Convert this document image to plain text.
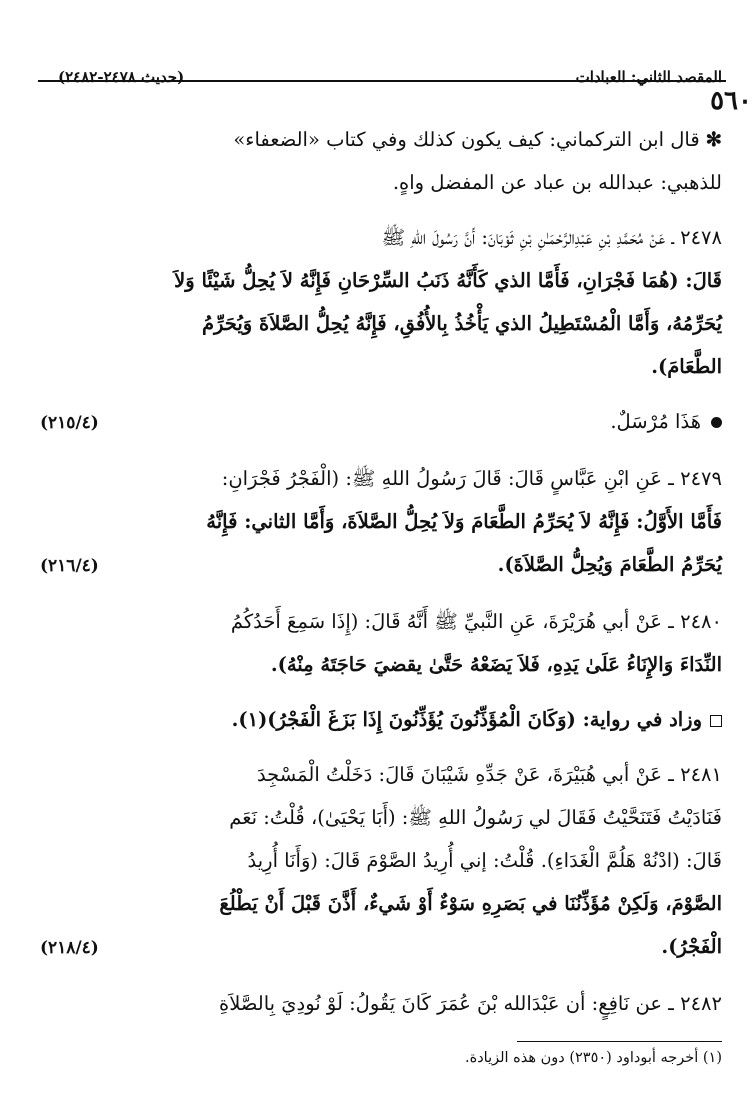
المقصد الثاني: العبادات
(حديث ٢٤٧٨-٢٤٨٢)
٥٦٠

✻قال ابن التركماني: كيف يكون كذلك وفي كتاب «الضعفاء»
للذهبي: عبدالله بن عباد عن المفضل واهٍ.

٢٤٧٨ ـ عَنْ مُحَمَّدِ بْنِ عَبْدِالرَّحْمَـٰنِ بْنِ ثَوْبَانَ: أَنَّ رَسُولَ اللهِ ﷺ
قَالَ: (هُمَا فَجْرَانِ، فَأَمَّا الذي كَأَنَّهُ ذَنَبُ السِّرْحَانِ فَإِنَّهُ لاَ يُحِلُّ شَيْئًا وَلاَ
يُحَرِّمُهُ، وَأَمَّا الْمُسْتَطِيلُ الذي يَأْخُذُ بِالأُفُقِ، فَإِنَّهُ يُحِلُّ الصَّلاَةَ وَيُحَرِّمُ
الطَّعَامَ).

هَذَا مُرْسَلٌ.
(٢١٥/٤)

٢٤٧٩ ـ عَنِ ابْنِ عَبَّاسٍ قَالَ: قَالَ رَسُولُ اللهِ ﷺ: (الْفَجْرُ فَجْرَانِ:
فَأَمَّا الأَوَّلُ: فَإِنَّهُ لاَ يُحَرِّمُ الطَّعَامَ وَلاَ يُحِلُّ الصَّلاَةَ، وَأَمَّا الثاني: فَإِنَّهُ

يُحَرِّمُ الطَّعَامَ وَيُحِلُّ الصَّلاَةَ).
(٢١٦/٤)

٢٤٨٠ ـ عَنْ أبي هُرَيْرَةَ، عَنِ النَّبيِّ ﷺ أَنَّهُ قَالَ: (إِذَا سَمِعَ أَحَدُكُمُ
النِّدَاءَ وَالإِنَاءُ عَلَىٰ يَدِهِ، فَلاَ يَضَعْهُ حَتَّىٰ يقضيَ حَاجَتَهُ مِنْهُ).

وزاد في رواية: (وَكَانَ الْمُؤَذِّنُونَ يُؤَذِّنُونَ إِذَا بَزَغَ الْفَجْرُ)(١).

٢٤٨١ ـ عَنْ أبي هُبَيْرَةَ، عَنْ جَدِّهِ شَيْبَانَ قَالَ: دَخَلْتُ الْمَسْجِدَ
فَنَادَيْتُ فَتَنَحَّيْتُ فَقَالَ لي رَسُولُ اللهِ ﷺ: (أَبَا يَحْيَىٰ)، قُلْتُ: نَعَم
قَالَ: (ادْنُهْ هَلُمَّ الْغَدَاءِ). قُلْتُ: إني أُرِيدُ الصَّوْمَ قَالَ: (وَأَنَا أُرِيدُ
الصَّوْمَ، وَلَكِنْ مُؤَذِّنُنَا في بَصَرِهِ سَوْءٌ أَوْ شَيءٌ، أَذَّنَ قَبْلَ أَنْ يَطْلُعَ

الْفَجْرُ).
(٢١٨/٤)

٢٤٨٢ ـ عن نَافِعٍ: أن عَبْدَالله بْنَ عُمَرَ كَانَ يَقُولُ: لَوْ نُودِيَ بِالصَّلاَةِ

(١) أخرجه أبوداود (٢٣٥٠) دون هذه الزيادة.
